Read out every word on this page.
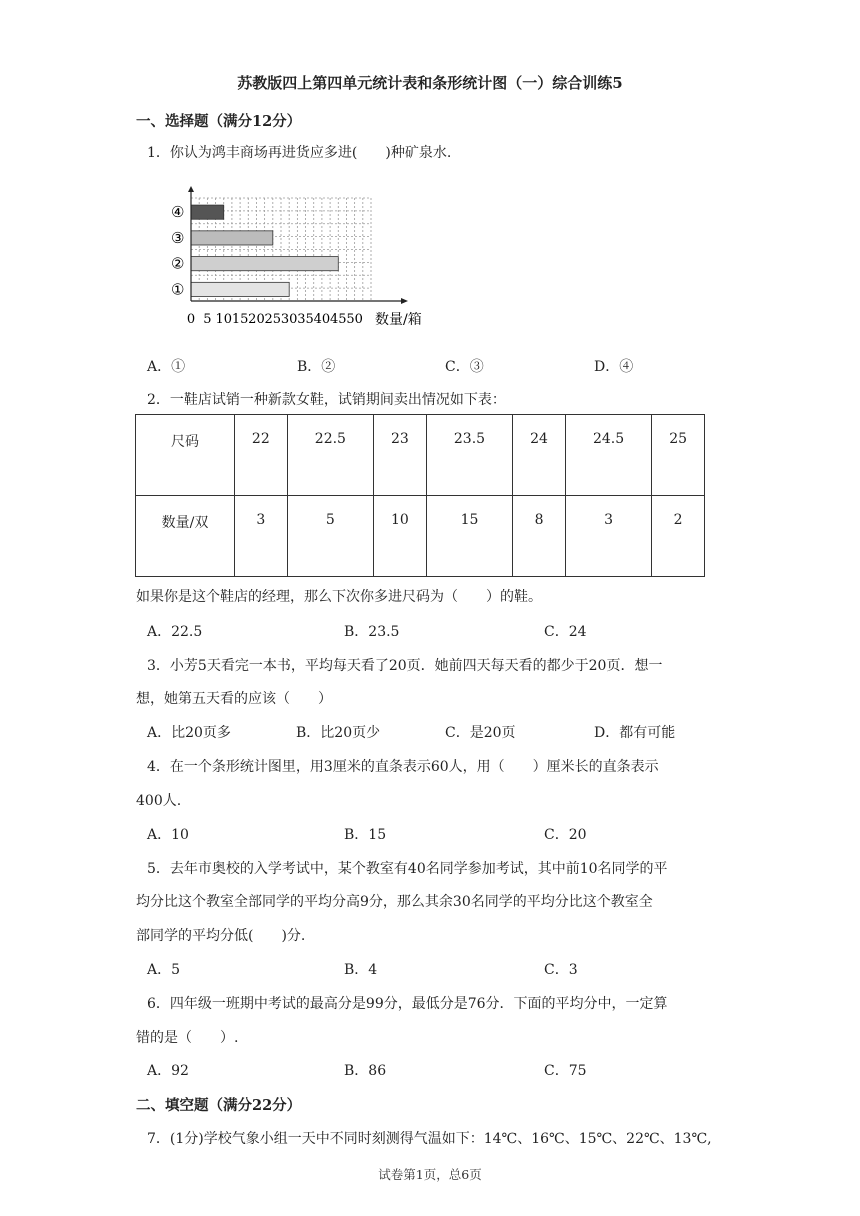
苏教版四上第四单元统计表和条形统计图（一）综合训练5
一、选择题（满分12分）
1．你认为鸿丰商场再进货应多进(　　)种矿泉水.
①
②
③
④
0 5 10 15 20 25 30 35 40 45 50 数量/箱
A．①	B．②	C．③	D．④
2．一鞋店试销一种新款女鞋，试销期间卖出情况如下表：
尺码	22	22.5	23	23.5	24	24.5	25
数量/双	3	5	10	15	8	3	2
如果你是这个鞋店的经理，那么下次你多进尺码为（　　）的鞋。
A．22.5	B．23.5	C．24
3．小芳5天看完一本书，平均每天看了20页．她前四天每天看的都少于20页．想一
想，她第五天看的应该（　　）
A．比20页多	B．比20页少	C．是20页	D．都有可能
4．在一个条形统计图里，用3厘米的直条表示60人，用（　　）厘米长的直条表示
400人.
A．10	B．15	C．20
5．去年市奥校的入学考试中，某个教室有40名同学参加考试，其中前10名同学的平
均分比这个教室全部同学的平均分高9分，那么其余30名同学的平均分比这个教室全
部同学的平均分低(　　)分.
A．5	B．4	C．3
6．四年级一班期中考试的最高分是99分，最低分是76分．下面的平均分中，一定算
错的是（　　）.
A．92	B．86	C．75
二、填空题（满分22分）
7．(1分)学校气象小组一天中不同时刻测得气温如下：14℃、16℃、15℃、22℃、13℃,
试卷第1页，总6页
